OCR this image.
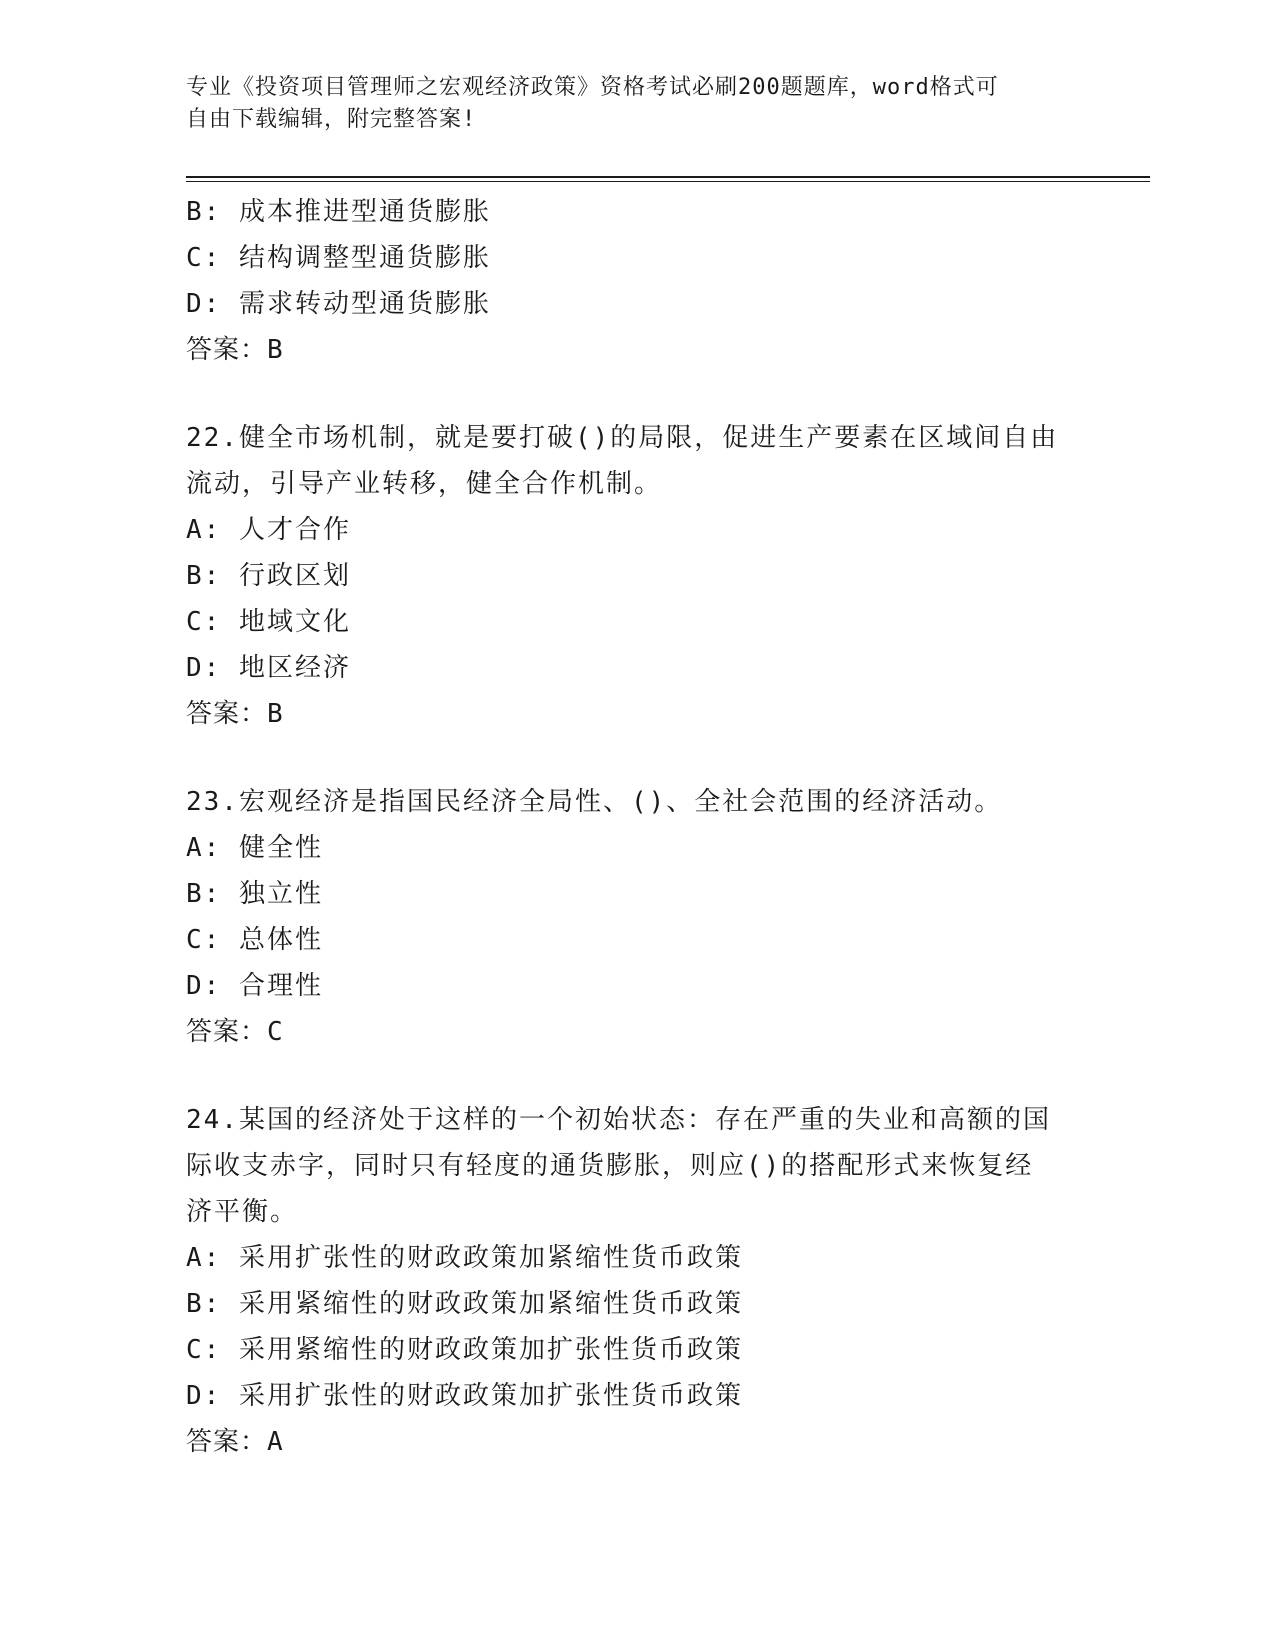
专业《投资项目管理师之宏观经济政策》资格考试必刷200题题库，word格式可
自由下载编辑，附完整答案!
B: 成本推进型通货膨胀
C: 结构调整型通货膨胀
D: 需求转动型通货膨胀
答案：B
22.健全市场机制，就是要打破()的局限，促进生产要素在区域间自由
流动，引导产业转移，健全合作机制。
A: 人才合作
B: 行政区划
C: 地域文化
D: 地区经济
答案：B
23.宏观经济是指国民经济全局性、()、全社会范围的经济活动。
A: 健全性
B: 独立性
C: 总体性
D: 合理性
答案：C
24.某国的经济处于这样的一个初始状态：存在严重的失业和高额的国
际收支赤字，同时只有轻度的通货膨胀，则应()的搭配形式来恢复经
济平衡。
A: 采用扩张性的财政政策加紧缩性货币政策
B: 采用紧缩性的财政政策加紧缩性货币政策
C: 采用紧缩性的财政政策加扩张性货币政策
D: 采用扩张性的财政政策加扩张性货币政策
答案：A
